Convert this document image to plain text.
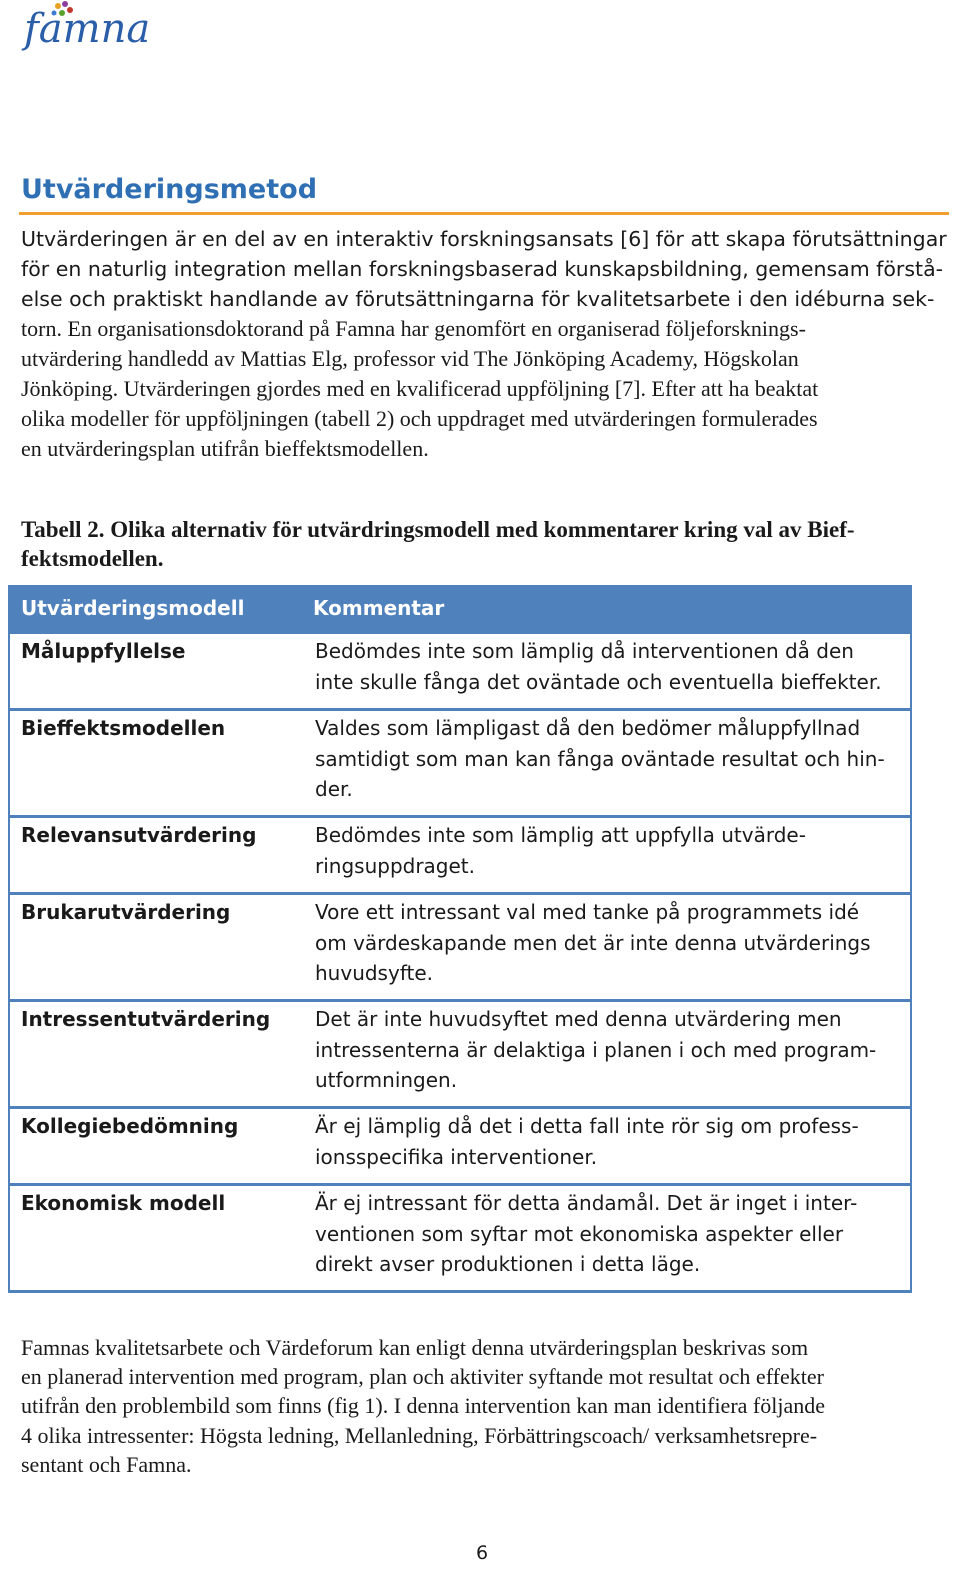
famna
Utvärderingsmetod

Utvärderingen är en del av en interaktiv forskningsansats [6] för att skapa förutsättningar
för en naturlig integration mellan forskningsbaserad kunskapsbildning, gemensam förstå-
else och praktiskt handlande av förutsättningarna för kvalitetsarbete i den idéburna sek-
torn. En organisationsdoktorand på Famna har genomfört en organiserad följeforsknings-
utvärdering handledd av Mattias Elg, professor vid The Jönköping Academy, Högskolan
Jönköping. Utvärderingen gjordes med en kvalificerad uppföljning [7]. Efter att ha beaktat
olika modeller för uppföljningen (tabell 2) och uppdraget med utvärderingen formulerades
en utvärderingsplan utifrån bieffektsmodellen.

Tabell 2. Olika alternativ för utvärdringsmodell med kommentarer kring val av Bief-
fektsmodellen.

Utvärderingsmodell	Kommentar
Måluppfyllelse	Bedömdes inte som lämplig då interventionen då den
inte skulle fånga det oväntade och eventuella bieffekter.
Bieffektsmodellen	Valdes som lämpligast då den bedömer måluppfyllnad
samtidigt som man kan fånga oväntade resultat och hin-
der.
Relevansutvärdering	Bedömdes inte som lämplig att uppfylla utvärde-
ringsuppdraget.
Brukarutvärdering	Vore ett intressant val med tanke på programmets idé
om värdeskapande men det är inte denna utvärderings
huvudsyfte.
Intressentutvärdering	Det är inte huvudsyftet med denna utvärdering men
intressenterna är delaktiga i planen i och med program-
utformningen.
Kollegiebedömning	Är ej lämplig då det i detta fall inte rör sig om profess-
ionsspecifika interventioner.
Ekonomisk modell	Är ej intressant för detta ändamål. Det är inget i inter-
ventionen som syftar mot ekonomiska aspekter eller
direkt avser produktionen i detta läge.

Famnas kvalitetsarbete och Värdeforum kan enligt denna utvärderingsplan beskrivas som
en planerad intervention med program, plan och aktiviter syftande mot resultat och effekter
utifrån den problembild som finns (fig 1). I denna intervention kan man identifiera följande
4 olika intressenter: Högsta ledning, Mellanledning, Förbättringscoach/ verksamhetsrepre-
sentant och Famna.

6
